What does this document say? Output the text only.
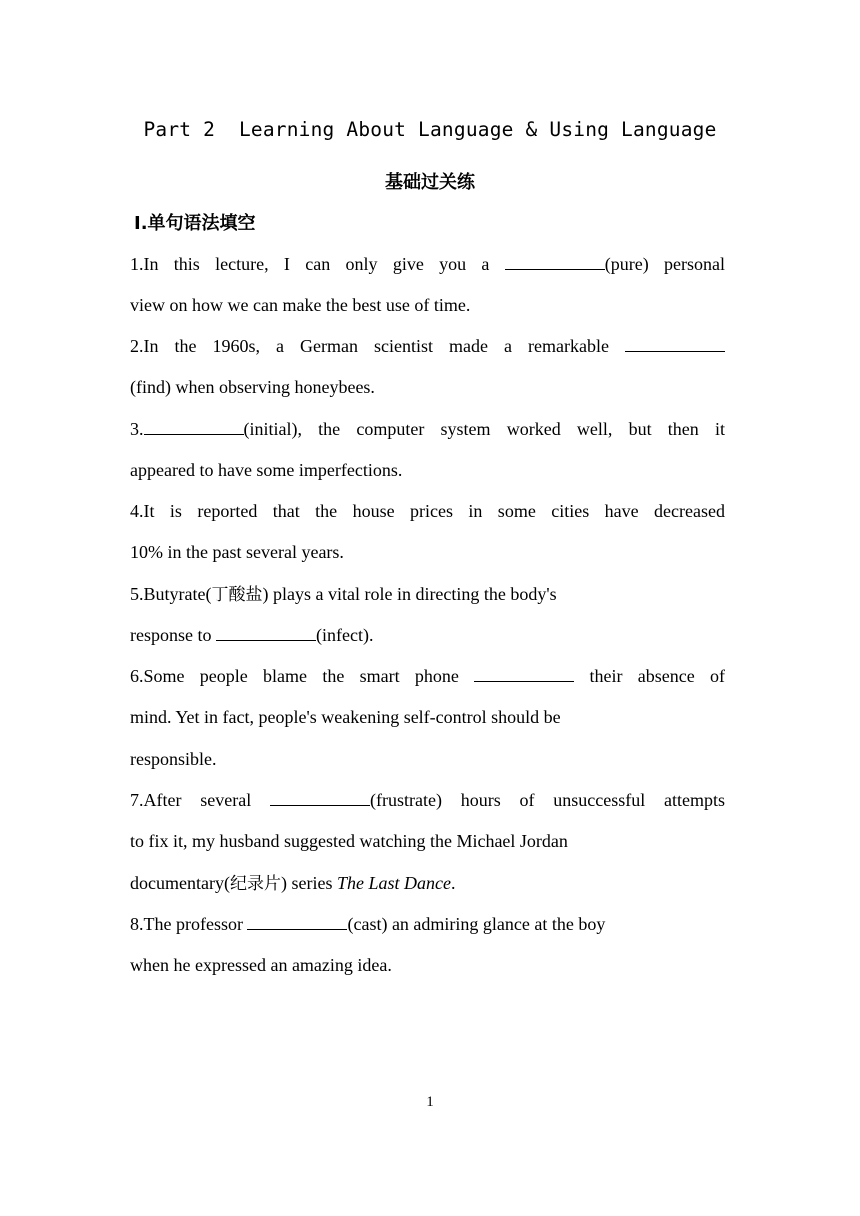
Part 2  Learning About Language & Using Language
基础过关练
Ⅰ.单句语法填空
1.In this lecture, I can only give you a	(pure) personal
view on how we can make the best use of time.
2.In the 1960s, a German scientist made a remarkable
(find) when observing honeybees.
3.	(initial), the computer system worked well, but then it
appeared to have some imperfections.
4.It is reported that the house prices in some cities have decreased
10% in the past several years.
5.Butyrate(丁酸盐) plays a vital role in directing the body's
response to	(infect).
6.Some people blame the smart phone	their absence of
mind. Yet in fact, people's weakening self-control should be
responsible.
7.After several	(frustrate) hours of unsuccessful attempts
to fix it, my husband suggested watching the Michael Jordan
documentary(纪录片) series The Last Dance.
8.The professor	(cast) an admiring glance at the boy
when he expressed an amazing idea.
1
